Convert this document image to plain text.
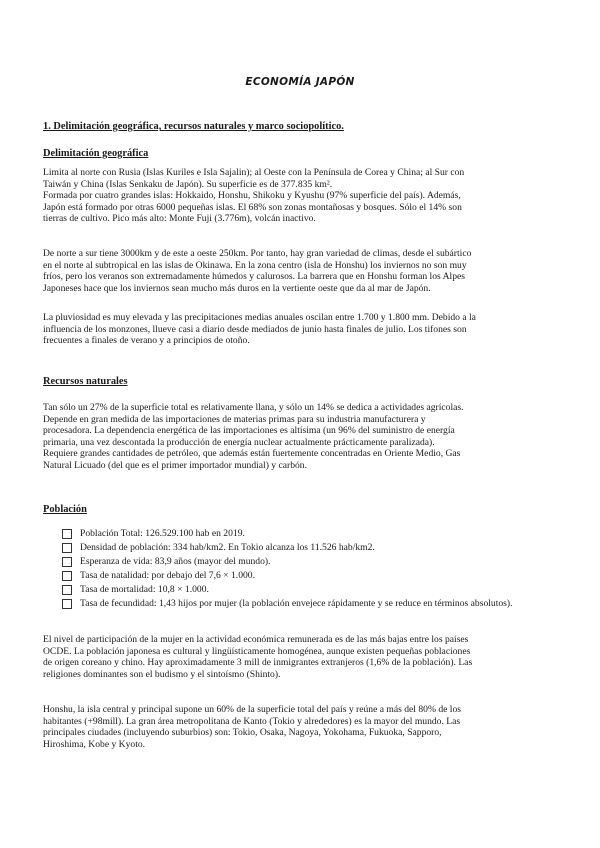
ECONOMÍA JAPÓN
1. Delimitación geográfica, recursos naturales y marco sociopolítico.
Delimitación geográfica

Limita al norte con Rusia (Islas Kuriles e Isla Sajalin); al Oeste con la Península de Corea y China; al Sur con
Taiwán y China (Islas Senkaku de Japón). Su superficie es de 377.835 km².
Formada por cuatro grandes islas: Hokkaido, Honshu, Shikoku y Kyushu (97% superficie del país). Además,
Japón está formado por otras 6000 pequeñas islas. El 68% son zonas montañosas y bosques. Sólo el 14% son
tierras de cultivo. Pico más alto: Monte Fuji (3.776m), volcán inactivo.

De norte a sur tiene 3000km y de este a oeste 250km. Por tanto, hay gran variedad de climas, desde el subártico
en el norte al subtropical en las islas de Okinawa. En la zona centro (isla de Honshu) los inviernos no son muy
fríos, pero los veranos son extremadamente húmedos y calurosos. La barrera que en Honshu forman los Alpes
Japoneses hace que los inviernos sean mucho más duros en la vertiente oeste que da al mar de Japón.

La pluviosidad es muy elevada y las precipitaciones medias anuales oscilan entre 1.700 y 1.800 mm. Debido a la
influencia de los monzones, llueve casi a diario desde mediados de junio hasta finales de julio. Los tifones son
frecuentes a finales de verano y a principios de otoño.

Recursos naturales

Tan sólo un 27% de la superficie total es relativamente llana, y sólo un 14% se dedica a actividades agrícolas.
Depende en gran medida de las importaciones de materias primas para su industria manufacturera y
procesadora. La dependencia energética de las importaciones es altísima (un 96% del suministro de energía
primaria, una vez descontada la producción de energía nuclear actualmente prácticamente paralizada).
Requiere grandes cantidades de petróleo, que además están fuertemente concentradas en Oriente Medio, Gas
Natural Licuado (del que es el primer importador mundial) y carbón.

Población
Población Total: 126.529.100 hab en 2019.
Densidad de población: 334 hab/km2. En Tokio alcanza los 11.526 hab/km2.
Esperanza de vida: 83,9 años (mayor del mundo).
Tasa de natalidad: por debajo del 7,6 × 1.000.
Tasa de mortalidad: 10,8 × 1.000.
Tasa de fecundidad: 1,43 hijos por mujer (la población envejece rápidamente y se reduce en términos absolutos).

El nivel de participación de la mujer en la actividad económica remunerada es de las más bajas entre los países
OCDE. La población japonesa es cultural y lingüísticamente homogénea, aunque existen pequeñas poblaciones
de origen coreano y chino. Hay aproximadamente 3 mill de inmigrantes extranjeros (1,6% de la población). Las
religiones dominantes son el budismo y el sintoísmo (Shinto).

Honshu, la isla central y principal supone un 60% de la superficie total del país y reúne a más del 80% de los
habitantes (+98mill). La gran área metropolitana de Kanto (Tokio y alrededores) es la mayor del mundo. Las
principales ciudades (incluyendo suburbios) son: Tokio, Osaka, Nagoya, Yokohama, Fukuoka, Sapporo,
Hiroshima, Kobe y Kyoto.
